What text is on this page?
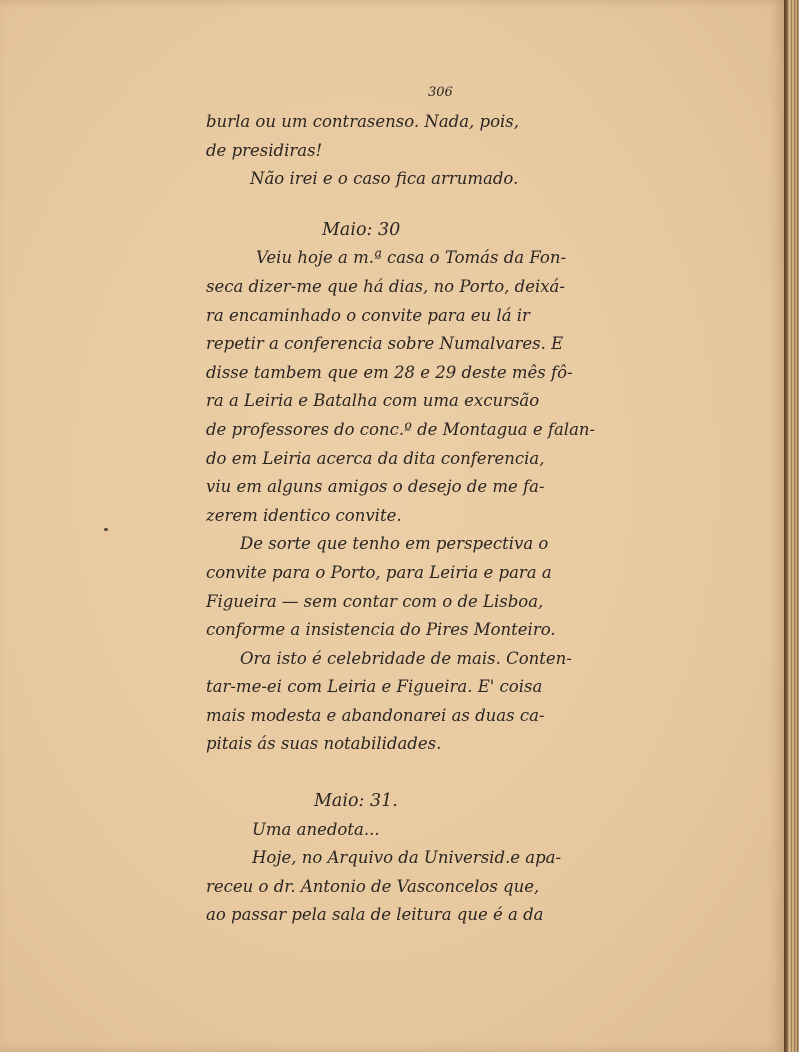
306
burla ou um contrasenso. Nada, pois,
de presidiras!
Não irei e o caso fica arrumado.
Maio: 30
Veiu hoje a m.ª casa o Tomás da Fon-
seca dizer-me que há dias, no Porto, deixá-
ra encaminhado o convite para eu lá ir
repetir a conferencia sobre Numalvares. E
disse tambem que em 28 e 29 deste mês fô-
ra a Leiria e Batalha com uma excursão
de professores do conc.º de Montagua e falan-
do em Leiria acerca da dita conferencia,
viu em alguns amigos o desejo de me fa-
zerem identico convite.
De sorte que tenho em perspectiva o
convite para o Porto, para Leiria e para a
Figueira — sem contar com o de Lisboa,
conforme a insistencia do Pires Monteiro.
Ora isto é celebridade de mais. Conten-
tar-me-ei com Leiria e Figueira. E' coisa
mais modesta e abandonarei as duas ca-
pitais ás suas notabilidades.
Maio: 31.
Uma anedota...
Hoje, no Arquivo da Universid.e apa-
receu o dr. Antonio de Vasconcelos que,
ao passar pela sala de leitura que é a da
